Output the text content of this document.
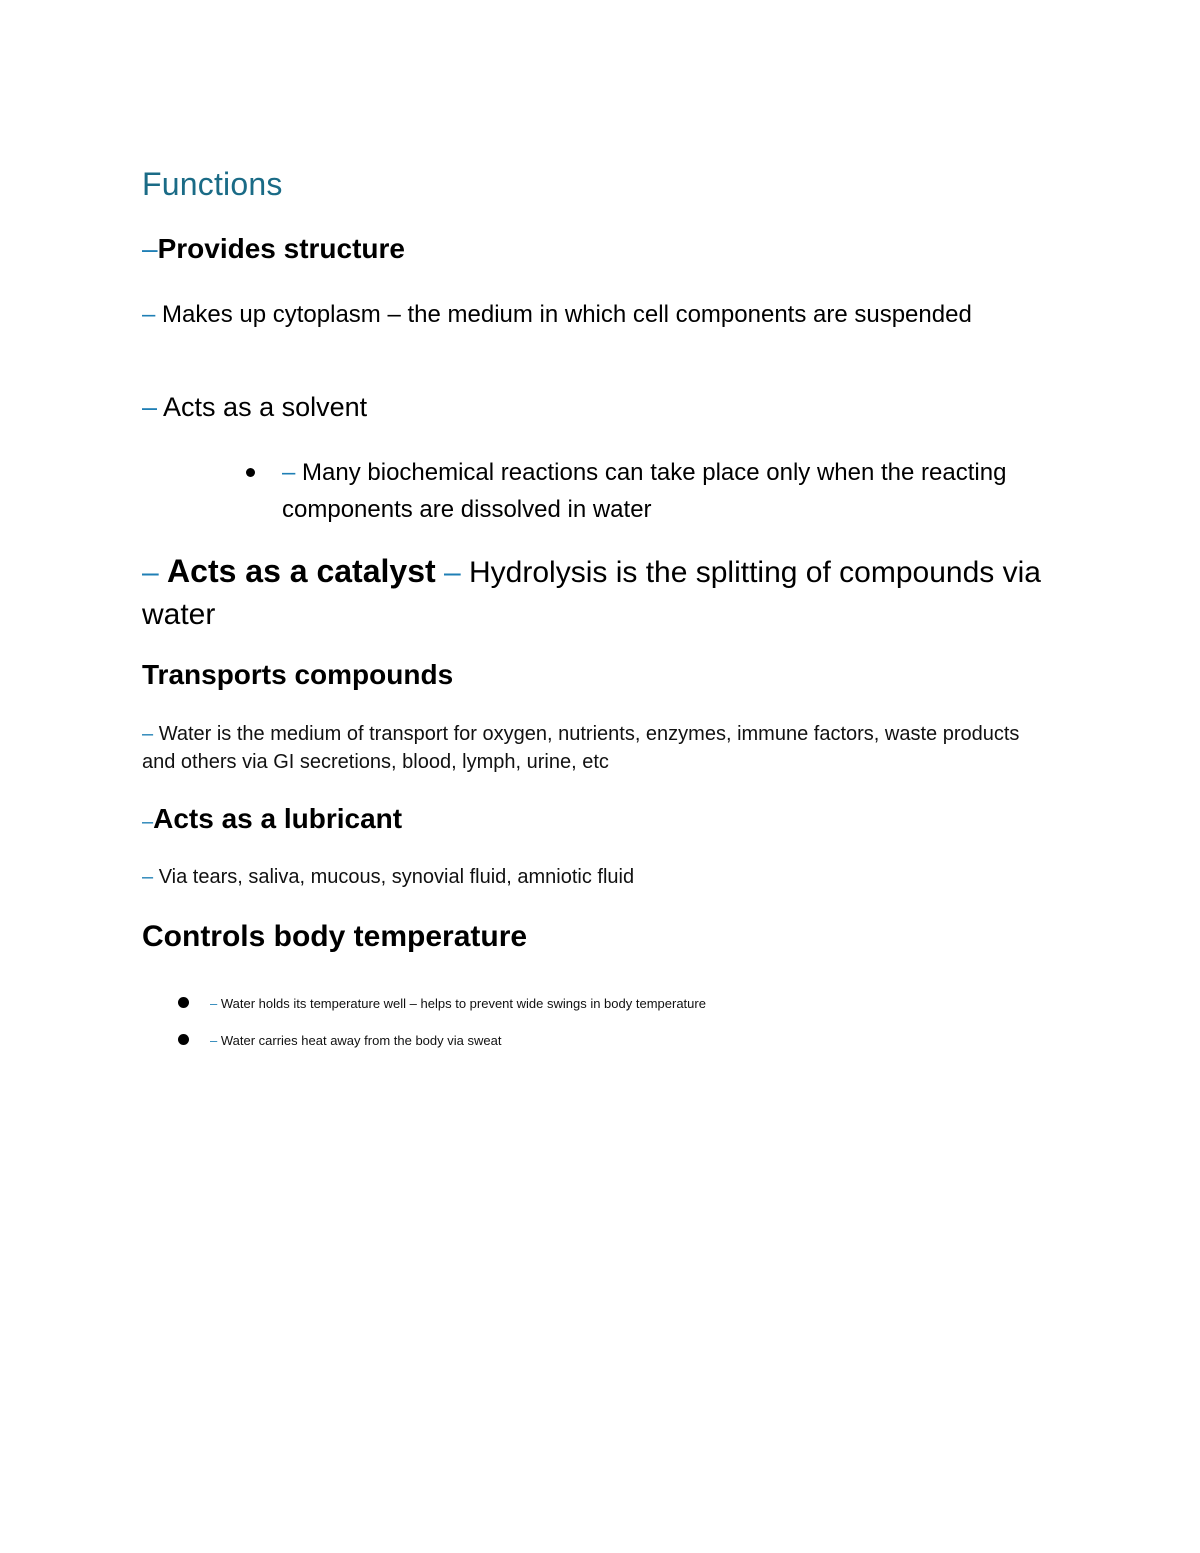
Functions
–Provides structure
– Makes up cytoplasm – the medium in which cell components are suspended
– Acts as a solvent
– Many biochemical reactions can take place only when the reacting components are dissolved in water
– Acts as a catalyst – Hydrolysis is the splitting of compounds via water
Transports compounds
– Water is the medium of transport for oxygen, nutrients, enzymes, immune factors, waste products and others via GI secretions, blood, lymph, urine, etc
–Acts as a lubricant
– Via tears, saliva, mucous, synovial fluid, amniotic fluid
Controls body temperature
– Water holds its temperature well – helps to prevent wide swings in body temperature
– Water carries heat away from the body via sweat
